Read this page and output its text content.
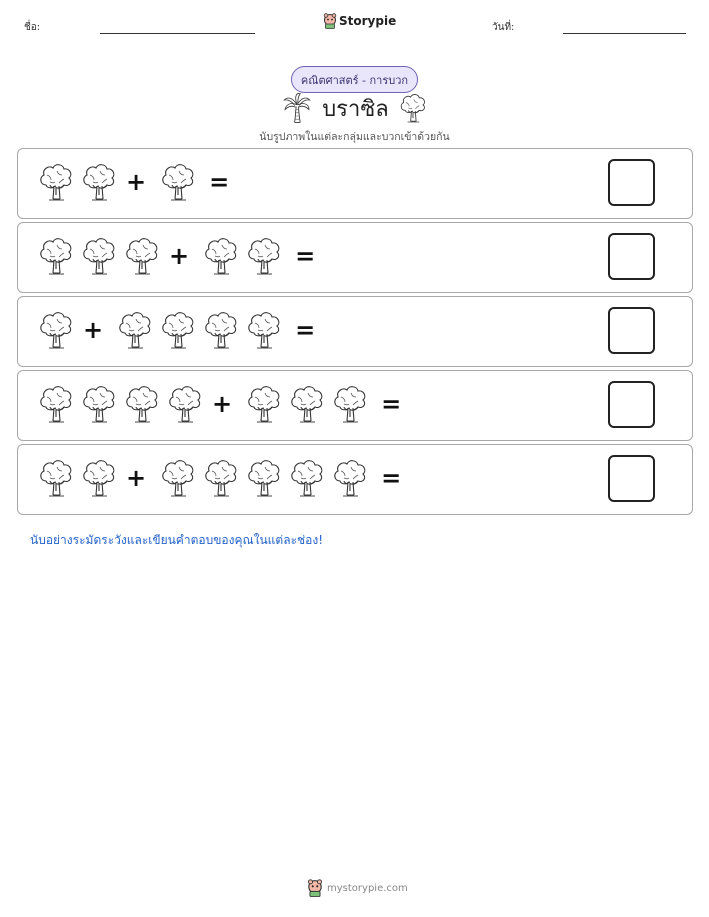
ชื่อ:	Storypie	วันที่:
คณิตศาสตร์ - การบวก
บราซิล
นับรูปภาพในแต่ละกลุ่มและบวกเข้าด้วยกัน
+	=
+	=
+	=
+	=
+	=
นับอย่างระมัดระวังและเขียนคำตอบของคุณในแต่ละช่อง!
mystorypie.com
